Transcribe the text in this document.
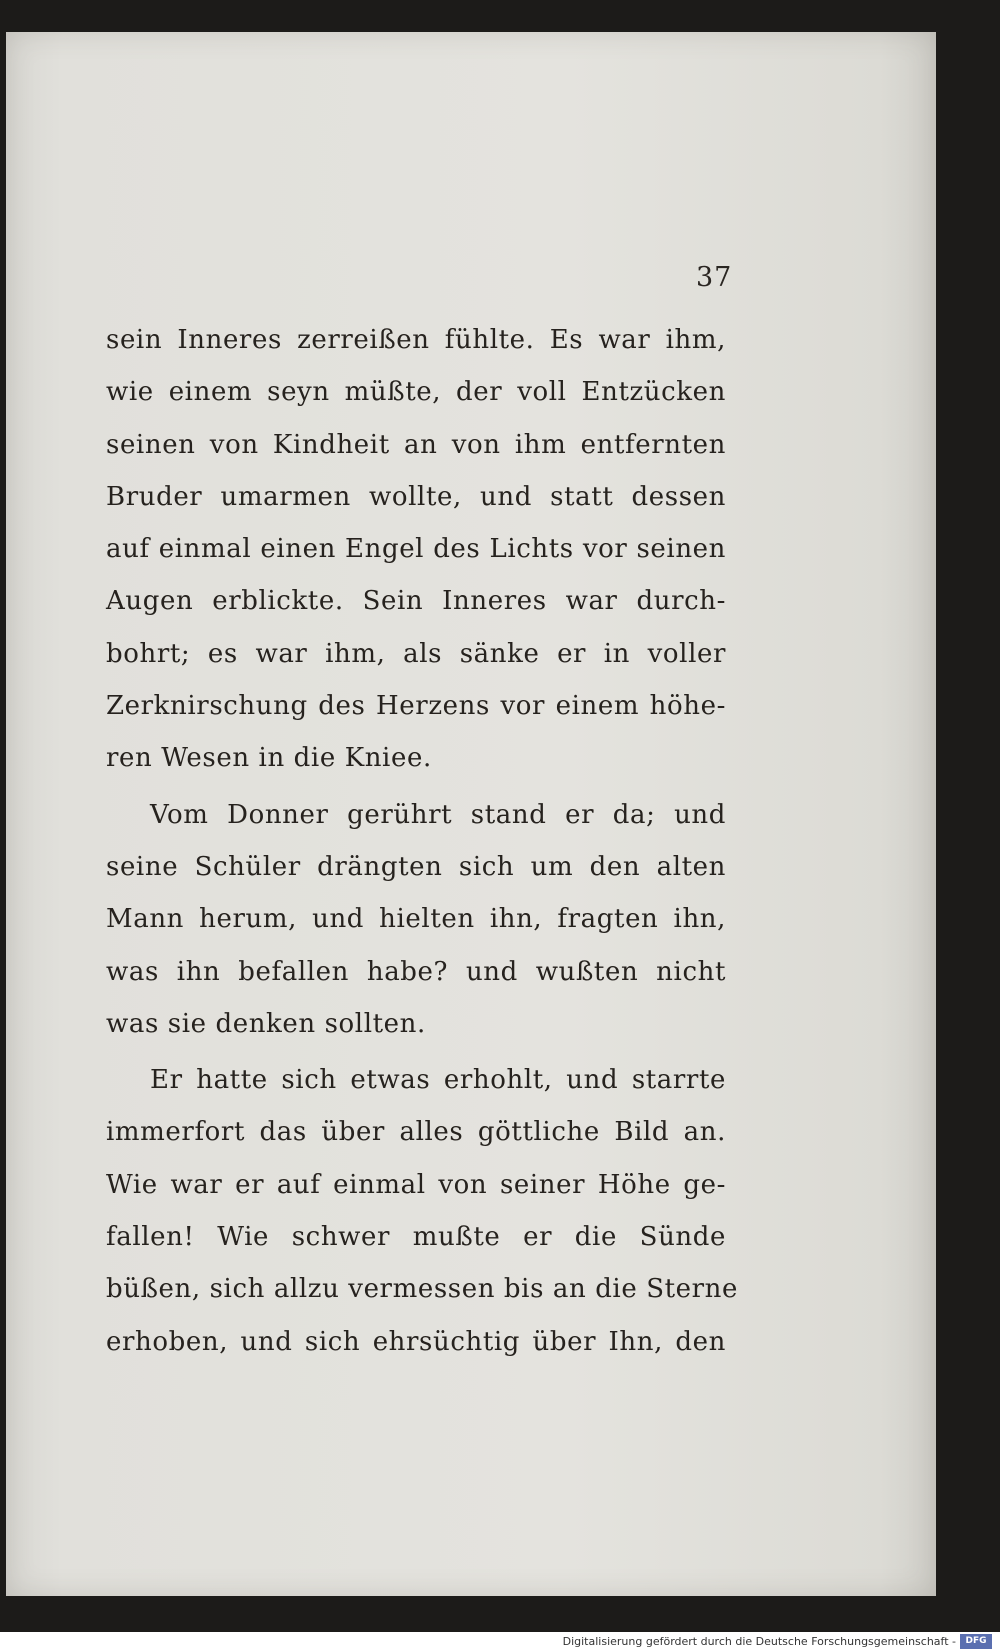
37
sein Inneres zerreißen fühlte. Es war ihm,
wie einem seyn müßte, der voll Entzücken
seinen von Kindheit an von ihm entfernten
Bruder umarmen wollte, und statt dessen
auf einmal einen Engel des Lichts vor seinen
Augen erblickte. Sein Inneres war durch-
bohrt; es war ihm, als sänke er in voller
Zerknirschung des Herzens vor einem höhe-
ren Wesen in die Kniee.
Vom Donner gerührt stand er da; und
seine Schüler drängten sich um den alten
Mann herum, und hielten ihn, fragten ihn,
was ihn befallen habe? und wußten nicht
was sie denken sollten.
Er hatte sich etwas erhohlt, und starrte
immerfort das über alles göttliche Bild an.
Wie war er auf einmal von seiner Höhe ge-
fallen! Wie schwer mußte er die Sünde
büßen, sich allzu vermessen bis an die Sterne
erhoben, und sich ehrsüchtig über Ihn, den
Digitalisierung gefördert durch die Deutsche Forschungsgemeinschaft -	DFG
